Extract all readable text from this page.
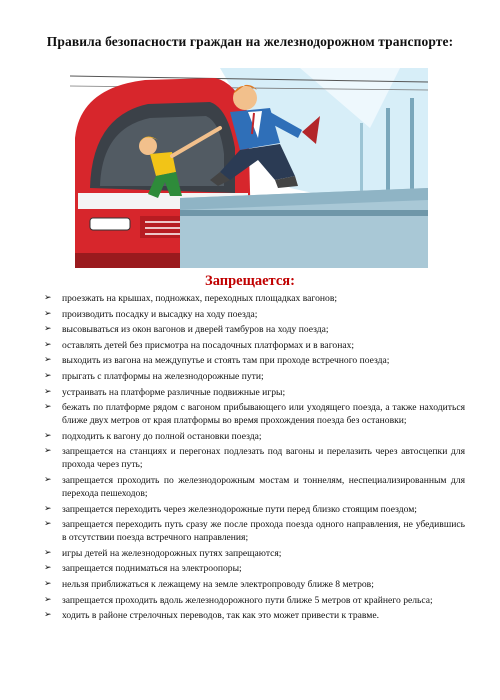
Правила безопасности граждан на железнодорожном транспорте:
Запрещается:
➢ проезжать на крышах, подножках, переходных площадках вагонов;
➢ производить посадку и высадку на ходу поезда;
➢ высовываться из окон вагонов и дверей тамбуров на ходу поезда;
➢ оставлять детей без присмотра на посадочных платформах и в вагонах;
➢ выходить из вагона на междупутье и стоять там при проходе встречного поезда;
➢ прыгать с платформы на железнодорожные пути;
➢ устраивать на платформе различные подвижные игры;
➢ бежать по платформе рядом с вагоном прибывающего или уходящего поезда, а также находиться ближе двух метров от края платформы во время прохождения поезда без остановки;
➢ подходить к вагону до полной остановки поезда;
➢ запрещается на станциях и перегонах подлезать под вагоны и перелазить через автосцепки для прохода через путь;
➢ запрещается проходить по железнодорожным мостам и тоннелям, неспециализированным для перехода пешеходов;
➢ запрещается переходить через железнодорожные пути перед близко стоящим поездом;
➢ запрещается переходить путь сразу же после прохода поезда одного направления, не убедившись в отсутствии поезда встречного направления;
➢ игры детей на железнодорожных путях запрещаются;
➢ запрещается подниматься на электроопоры;
➢ нельзя приближаться к лежащему на земле электропроводу ближе 8 метров;
➢ запрещается проходить вдоль железнодорожного пути ближе 5 метров от крайнего рельса;
➢ ходить в районе стрелочных переводов, так как это может привести к травме.
